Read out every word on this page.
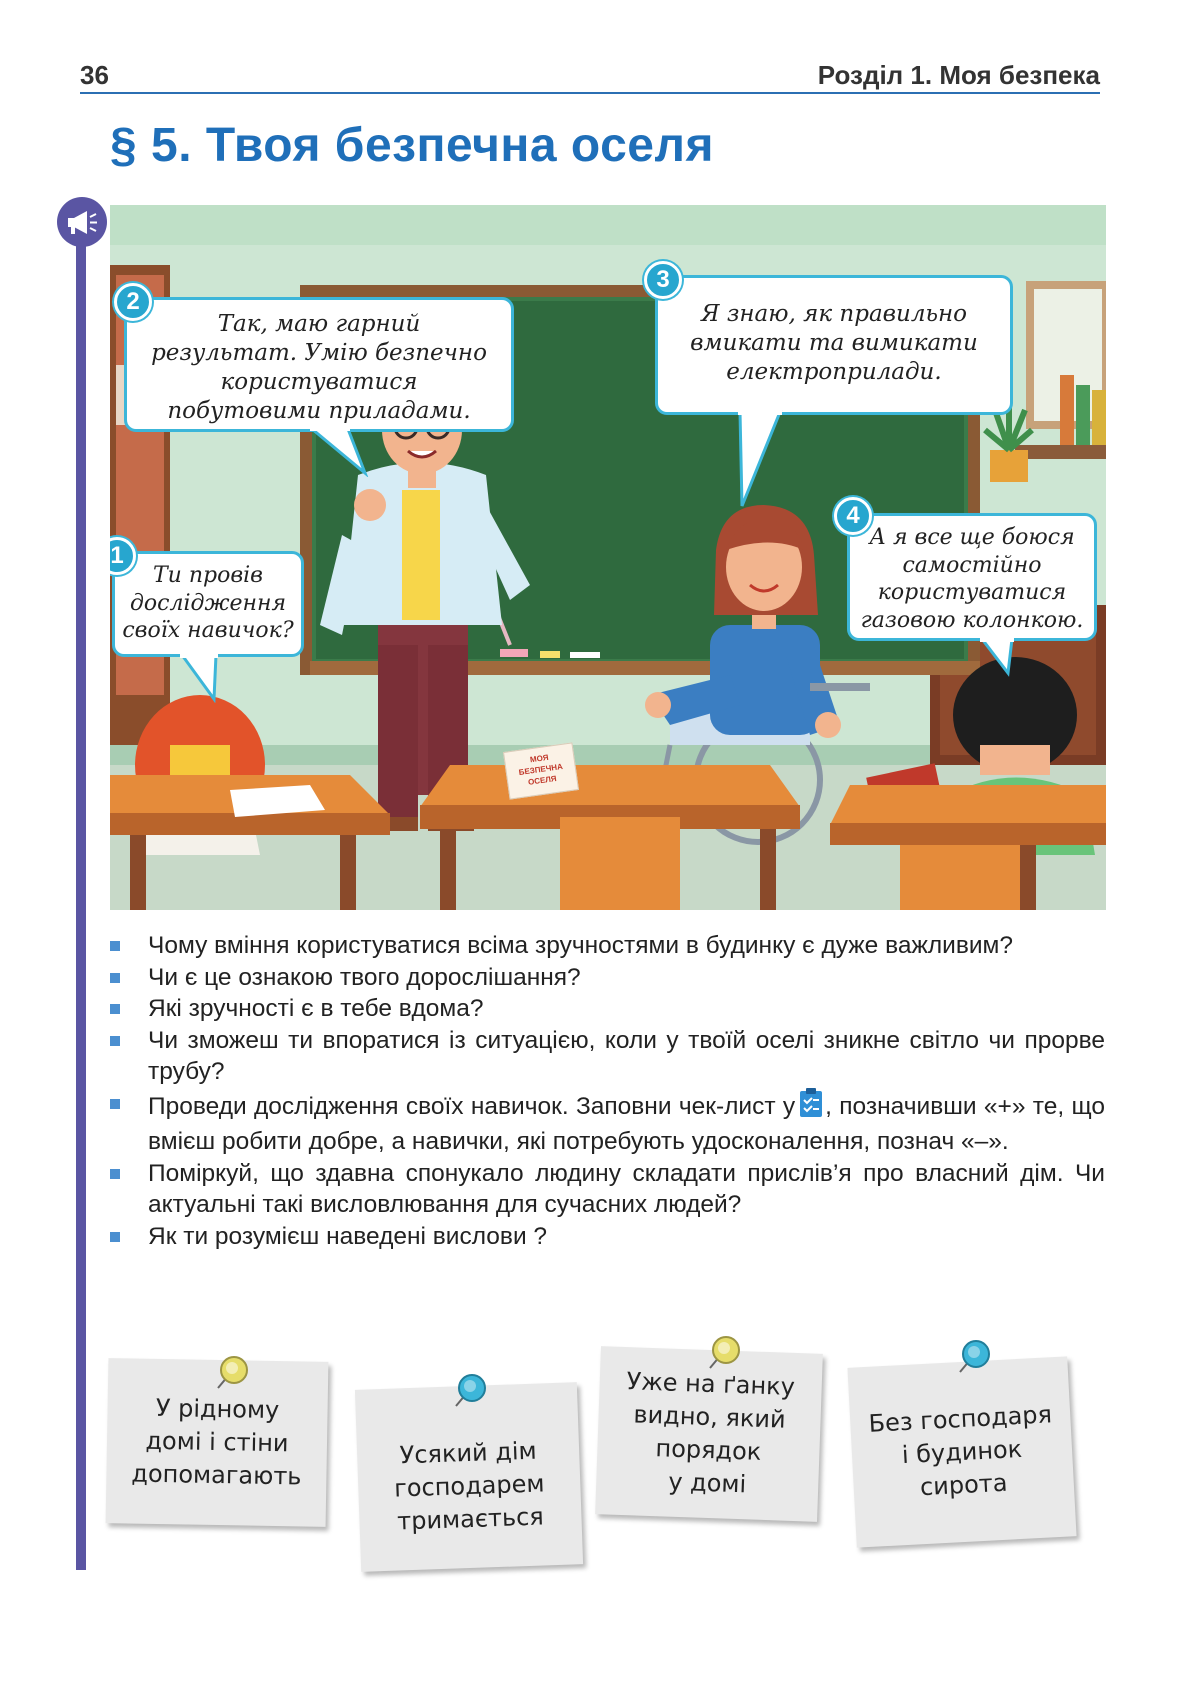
36	Розділ 1. Моя безпека
§ 5. Твоя безпечна оселя
МОЯ
БЕЗПЕЧНА
ОСЕЛЯ
Так, маю гарний
результат. Умію безпечно
користуватися
побутовими приладами.
2	Я знаю, як правильно
вмикати та вимикати
електроприлади.
3
Ти провів
дослідження
своїх навичок?
1
А я все ще боюся
самостійно
користуватися
газовою колонкою.
4
Чому вміння користуватися всіма зручностями в будинку є дуже важливим?
Чи є це ознакою твого дорослішання?
Які зручності є в тебе вдома?
Чи зможеш ти впоратися із ситуацією, коли у твоїй оселі зникне світло чи прорве трубу?
Проведи дослідження своїх навичок. Заповни чек-лист у , позначивши «+» те, що вмієш робити добре, а навички, які потребують удосконалення, познач «–».
Поміркуй, що здавна спонукало людину складати прислів’я про власний дім. Чи актуальні такі висловлювання для сучасних людей?
Як ти розумієш наведені вислови ?
У рідному
домі і стіни
допомагають
Усякий дім
господарем
тримається
Уже на ґанку
видно, який
порядок
у домі
Без господаря
і будинок
сирота
